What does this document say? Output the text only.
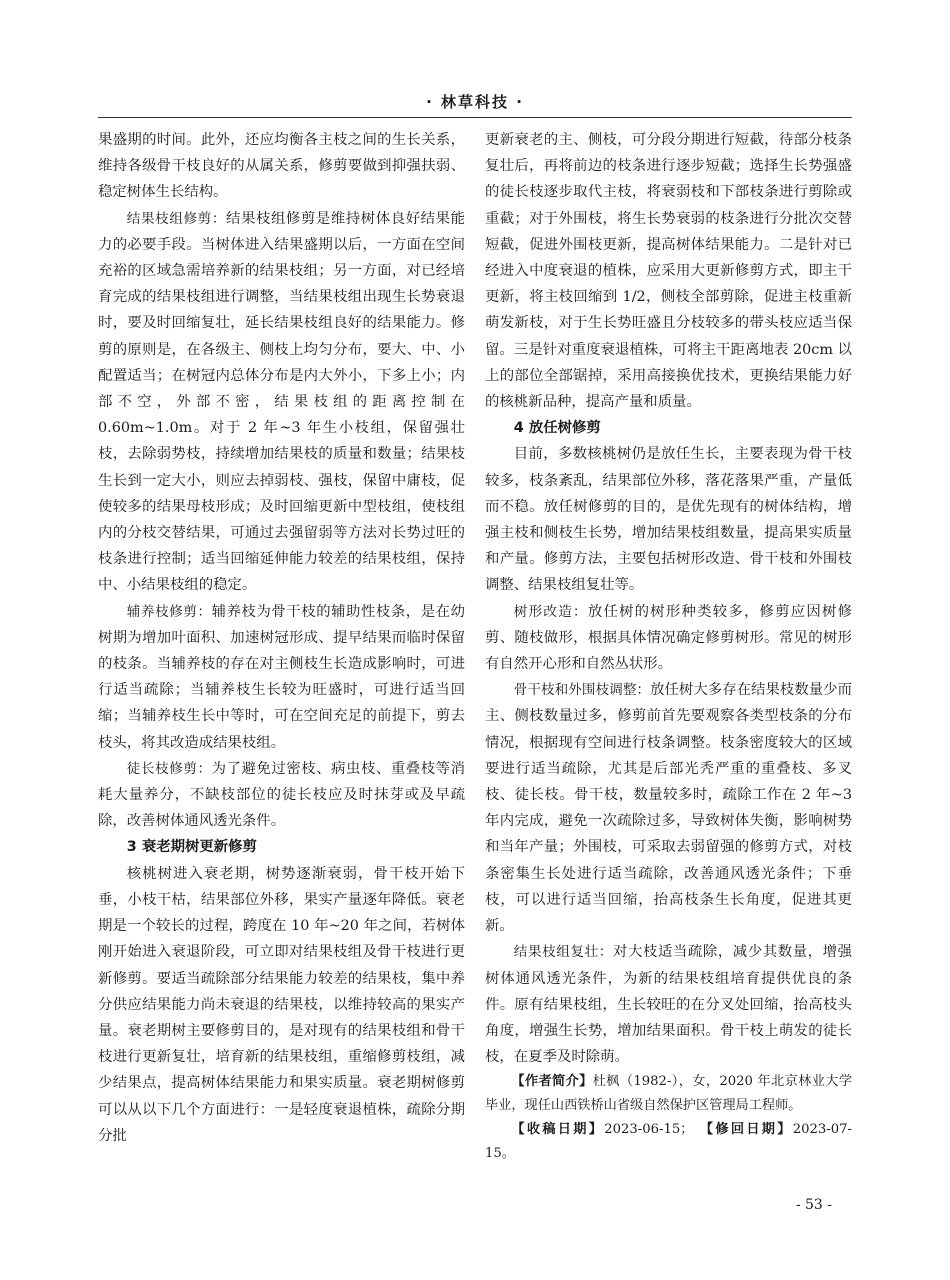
· 林草科技 ·

果盛期的时间。此外，还应均衡各主枝之间的生长关系，维持各级骨干枝良好的从属关系，修剪要做到抑强扶弱、稳定树体生长结构。

结果枝组修剪：结果枝组修剪是维持树体良好结果能力的必要手段。当树体进入结果盛期以后，一方面在空间充裕的区域急需培养新的结果枝组；另一方面，对已经培育完成的结果枝组进行调整，当结果枝组出现生长势衰退时，要及时回缩复壮，延长结果枝组良好的结果能力。修剪的原则是，在各级主、侧枝上均匀分布，要大、中、小配置适当；在树冠内总体分布是内大外小，下多上小；内部不空，外部不密，结果枝组的距离控制在 0.60m~1.0m。对于 2 年~3 年生小枝组，保留强壮枝，去除弱势枝，持续增加结果枝的质量和数量；结果枝生长到一定大小，则应去掉弱枝、强枝，保留中庸枝，促使较多的结果母枝形成；及时回缩更新中型枝组，使枝组内的分枝交替结果，可通过去强留弱等方法对长势过旺的枝条进行控制；适当回缩延伸能力较差的结果枝组，保持中、小结果枝组的稳定。

辅养枝修剪：辅养枝为骨干枝的辅助性枝条，是在幼树期为增加叶面积、加速树冠形成、提早结果而临时保留的枝条。当辅养枝的存在对主侧枝生长造成影响时，可进行适当疏除；当辅养枝生长较为旺盛时，可进行适当回缩；当辅养枝生长中等时，可在空间充足的前提下，剪去枝头，将其改造成结果枝组。

徒长枝修剪：为了避免过密枝、病虫枝、重叠枝等消耗大量养分，不缺枝部位的徒长枝应及时抹芽或及早疏除，改善树体通风透光条件。

3 衰老期树更新修剪

核桃树进入衰老期，树势逐渐衰弱，骨干枝开始下垂，小枝干枯，结果部位外移，果实产量逐年降低。衰老期是一个较长的过程，跨度在 10 年~20 年之间，若树体刚开始进入衰退阶段，可立即对结果枝组及骨干枝进行更新修剪。要适当疏除部分结果能力较差的结果枝，集中养分供应结果能力尚未衰退的结果枝，以维持较高的果实产量。衰老期树主要修剪目的，是对现有的结果枝组和骨干枝进行更新复壮，培育新的结果枝组，重缩修剪枝组，减少结果点，提高树体结果能力和果实质量。衰老期树修剪可以从以下几个方面进行：一是轻度衰退植株，疏除分期分批

更新衰老的主、侧枝，可分段分期进行短截，待部分枝条复壮后，再将前边的枝条进行逐步短截；选择生长势强盛的徒长枝逐步取代主枝，将衰弱枝和下部枝条进行剪除或重截；对于外围枝，将生长势衰弱的枝条进行分批次交替短截，促进外围枝更新，提高树体结果能力。二是针对已经进入中度衰退的植株，应采用大更新修剪方式，即主干更新，将主枝回缩到 1/2，侧枝全部剪除，促进主枝重新萌发新枝，对于生长势旺盛且分枝较多的带头枝应适当保留。三是针对重度衰退植株，可将主干距离地表 20cm 以上的部位全部锯掉，采用高接换优技术，更换结果能力好的核桃新品种，提高产量和质量。

4 放任树修剪

目前，多数核桃树仍是放任生长，主要表现为骨干枝较多，枝条紊乱，结果部位外移，落花落果严重，产量低而不稳。放任树修剪的目的，是优先现有的树体结构，增强主枝和侧枝生长势，增加结果枝组数量，提高果实质量和产量。修剪方法，主要包括树形改造、骨干枝和外围枝调整、结果枝组复壮等。

树形改造：放任树的树形种类较多，修剪应因树修剪、随枝做形，根据具体情况确定修剪树形。常见的树形有自然开心形和自然丛状形。

骨干枝和外围枝调整：放任树大多存在结果枝数量少而主、侧枝数量过多，修剪前首先要观察各类型枝条的分布情况，根据现有空间进行枝条调整。枝条密度较大的区域要进行适当疏除，尤其是后部光秃严重的重叠枝、多叉枝、徒长枝。骨干枝，数量较多时，疏除工作在 2 年~3 年内完成，避免一次疏除过多，导致树体失衡，影响树势和当年产量；外围枝，可采取去弱留强的修剪方式，对枝条密集生长处进行适当疏除，改善通风透光条件；下垂枝，可以进行适当回缩，抬高枝条生长角度，促进其更新。

结果枝组复壮：对大枝适当疏除，减少其数量，增强树体通风透光条件，为新的结果枝组培育提供优良的条件。原有结果枝组，生长较旺的在分叉处回缩，抬高枝头角度，增强生长势，增加结果面积。骨干枝上萌发的徒长枝，在夏季及时除萌。

【作者简介】杜枫（1982-），女，2020 年北京林业大学毕业，现任山西铁桥山省级自然保护区管理局工程师。

【收稿日期】2023-06-15； 【修回日期】2023-07-15。

- 53 -
